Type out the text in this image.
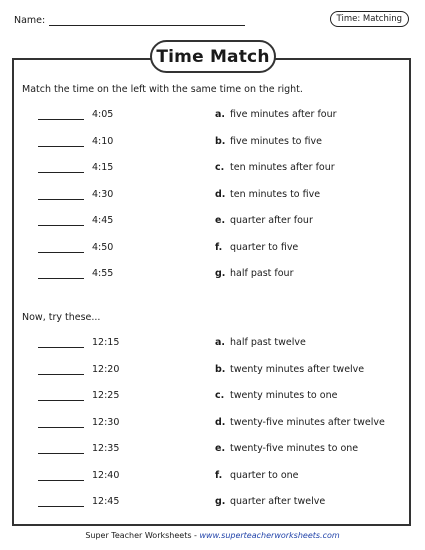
Name:	Time: Matching
Time Match
Match the time on the left with the same time on the right.
4:05	a. five minutes after four
4:10	b. five minutes to five
4:15	c. ten minutes after four
4:30	d. ten minutes to five
4:45	e. quarter after four
4:50	f. quarter to five
4:55	g. half past four
Now, try these...
12:15	a. half past twelve
12:20	b. twenty minutes after twelve
12:25	c. twenty minutes to one
12:30	d. twenty-five minutes after twelve
12:35	e. twenty-five minutes to one
12:40	f. quarter to one
12:45	g. quarter after twelve
Super Teacher Worksheets - www.superteacherworksheets.com
